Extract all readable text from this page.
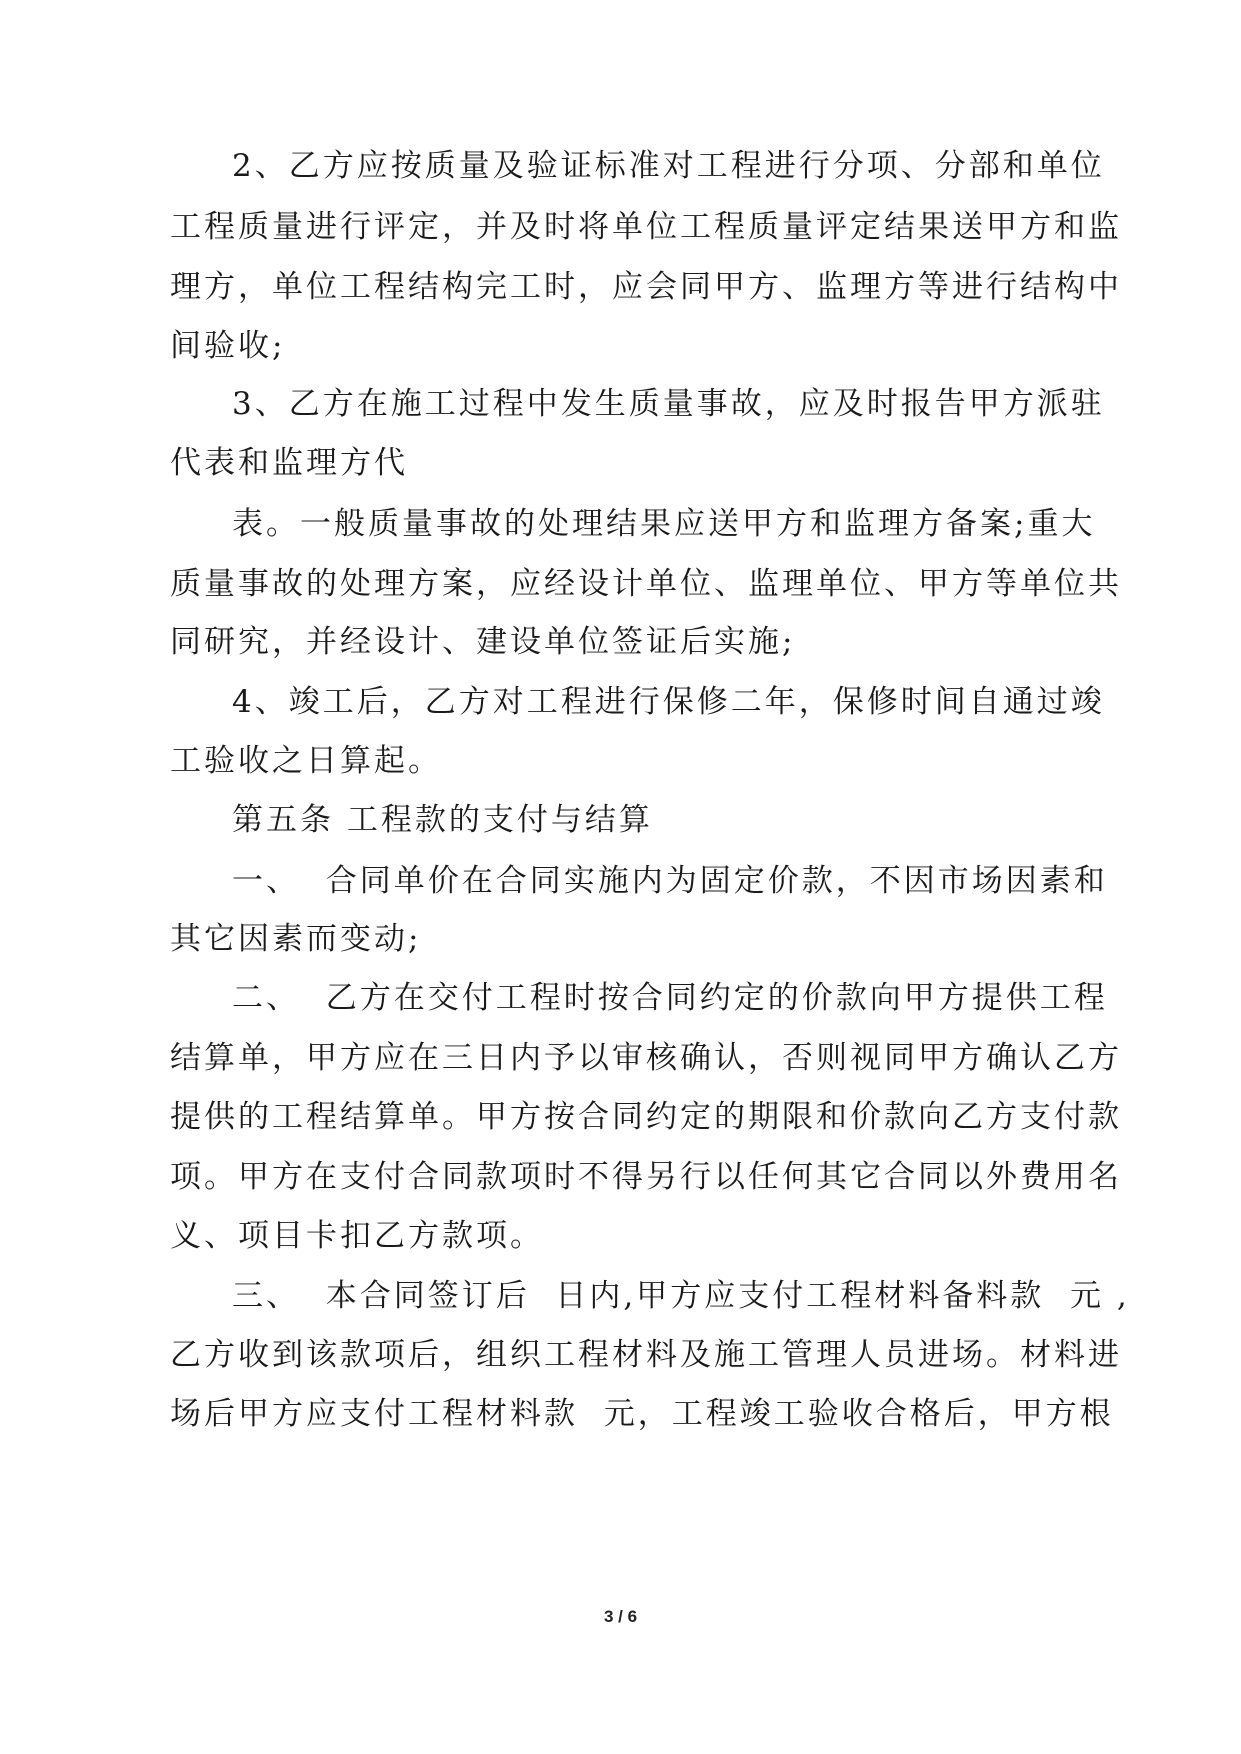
2、乙方应按质量及验证标准对工程进行分项、分部和单位
工程质量进行评定，并及时将单位工程质量评定结果送甲方和监
理方，单位工程结构完工时，应会同甲方、监理方等进行结构中
间验收;
3、乙方在施工过程中发生质量事故，应及时报告甲方派驻
代表和监理方代
表。一般质量事故的处理结果应送甲方和监理方备案;重大
质量事故的处理方案，应经设计单位、监理单位、甲方等单位共
同研究，并经设计、建设单位签证后实施;
4、竣工后，乙方对工程进行保修二年，保修时间自通过竣
工验收之日算起。
第五条 工程款的支付与结算
一、  合同单价在合同实施内为固定价款，不因市场因素和
其它因素而变动;
二、  乙方在交付工程时按合同约定的价款向甲方提供工程
结算单，甲方应在三日内予以审核确认，否则视同甲方确认乙方
提供的工程结算单。甲方按合同约定的期限和价款向乙方支付款
项。甲方在支付合同款项时不得另行以任何其它合同以外费用名
义、项目卡扣乙方款项。
三、  本合同签订后  日内,甲方应支付工程材料备料款  元 ,
乙方收到该款项后，组织工程材料及施工管理人员进场。材料进
场后甲方应支付工程材料款  元，工程竣工验收合格后，甲方根
3 / 6
